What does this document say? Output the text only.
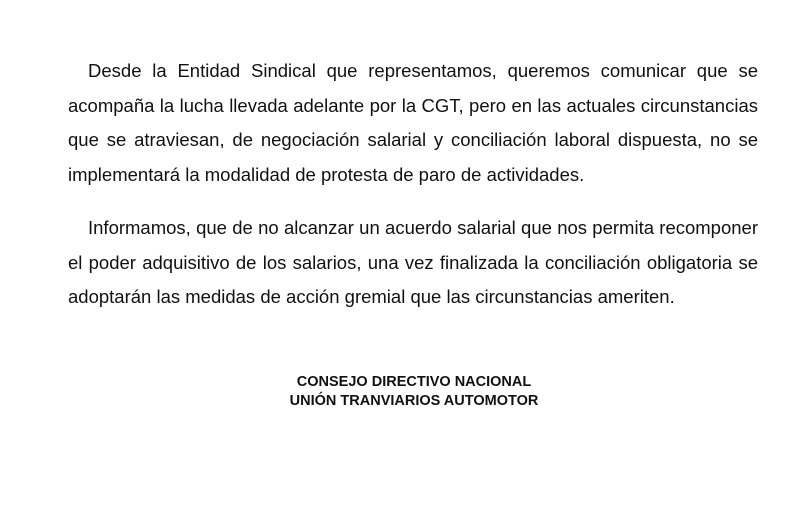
Desde la Entidad Sindical que representamos, queremos comunicar que se acompaña la lucha llevada adelante por la CGT, pero en las actuales circunstancias que se atraviesan, de negociación salarial y conciliación laboral dispuesta, no se implementará la modalidad de protesta de paro de actividades.

Informamos, que de no alcanzar un acuerdo salarial que nos permita recomponer el poder adquisitivo de los salarios, una vez finalizada la conciliación obligatoria se adoptarán las medidas de acción gremial que las circunstancias ameriten.

CONSEJO DIRECTIVO NACIONAL
UNIÓN TRANVIARIOS AUTOMOTOR
